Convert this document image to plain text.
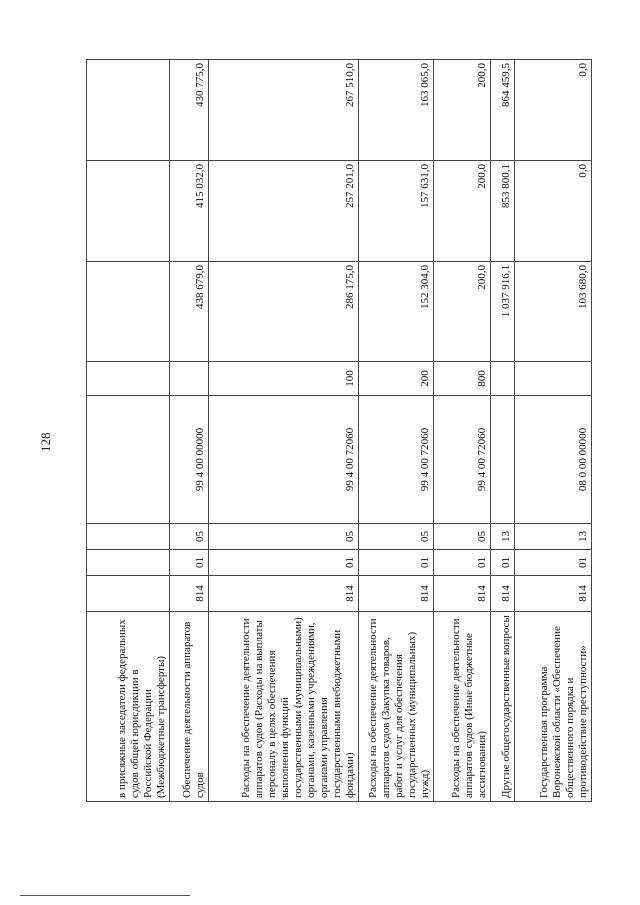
128
в присяжные заседатели федеральных судов общей юрисдикции в Российской Федерации (Межбюджетные трансферты)								
Обеспечение деятельности аппаратов судов	814	01	05	99 4 00 00000		438 679,0	415 032,0	430 775,0
Расходы на обеспечение деятельности аппаратов судов (Расходы на выплаты персоналу в целях обеспечения выполнения функций государственными (муниципальными) органами, казенными учреждениями, органами управления государственными внебюджетными фондами)	814	01	05	99 4 00 72060	100	286 175,0	257 201,0	267 510,0
Расходы на обеспечение деятельности аппаратов судов (Закупка товаров, работ и услуг для обеспечения государственных (муниципальных) нужд)	814	01	05	99 4 00 72060	200	152 304,0	157 631,0	163 065,0
Расходы на обеспечение деятельности аппаратов судов (Иные бюджетные ассигнования)	814	01	05	99 4 00 72060	800	200,0	200,0	200,0
Другие общегосударственные вопросы	814	01	13			1 037 916,1	853 800,1	864 459,5
Государственная программа Воронежской области «Обеспечение общественного порядка и противодействие преступности»	814	01	13	08 0 00 00000		103 680,0	0,0	0,0
